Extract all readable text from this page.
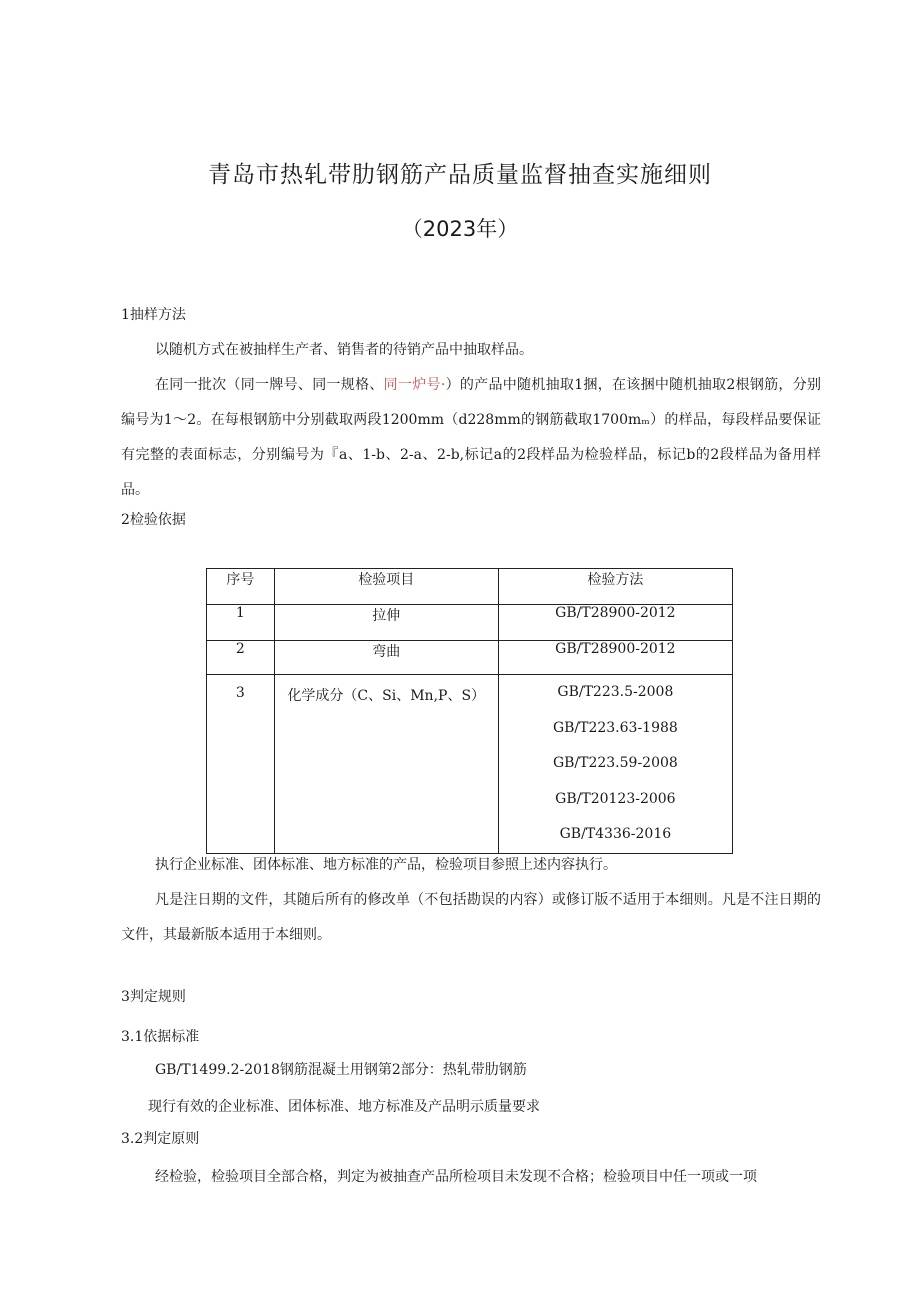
青岛市热轧带肋钢筋产品质量监督抽查实施细则
（2023年）

1抽样方法

以随机方式在被抽样生产者、销售者的待销产品中抽取样品。

在同一批次（同一牌号、同一规格、同一炉号·）的产品中随机抽取1捆，在该捆中随机抽取2根钢筋，分别编号为1～2。在每根钢筋中分别截取两段1200mm（d228mm的钢筋截取1700mₘ）的样品，每段样品要保证有完整的表面标志，分别编号为『a、1-b、2-a、2-b,标记a的2段样品为检验样品，标记b的2段样品为备用样品。

2检验依据

序号	检验项目	检验方法
1	拉伸	GB/T28900-2012
2	弯曲	GB/T28900-2012
3	化学成分（C、Si、Mn,P、S）	GB/T223.5-2008
GB/T223.63-1988
GB/T223.59-2008
GB/T20123-2006
GB/T4336-2016

执行企业标准、团体标准、地方标准的产品，检验项目参照上述内容执行。

凡是注日期的文件，其随后所有的修改单（不包括勘误的内容）或修订版不适用于本细则。凡是不注日期的文件，其最新版本适用于本细则。

3判定规则

3.1依据标准

GB/T1499.2-2018钢筋混凝土用钢第2部分：热轧带肋钢筋

现行有效的企业标准、团体标准、地方标准及产品明示质量要求

3.2判定原则

经检验，检验项目全部合格，判定为被抽查产品所检项目未发现不合格；检验项目中任一项或一项
